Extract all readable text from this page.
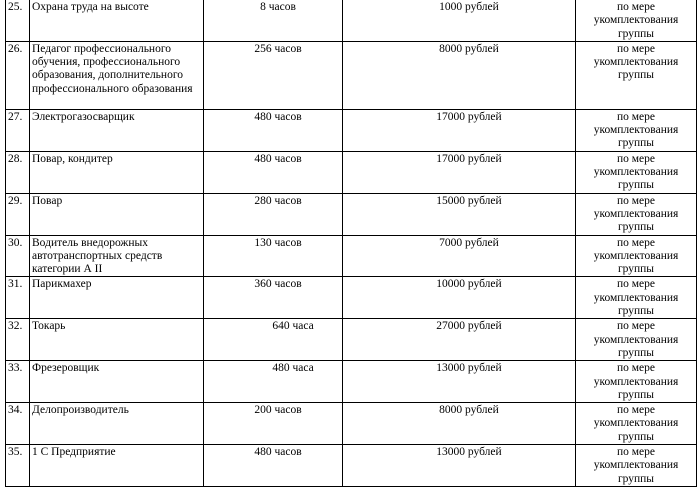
25.	Охрана труда на высоте	8 часов	1000 рублей	по мере укомплектования группы
26.	Педагог профессионального обучения, профессионального образования, дополнительного профессионального образования	256 часов	8000 рублей	по мере укомплектования группы
27.	Электрогазосварщик	480 часов	17000 рублей	по мере укомплектования группы
28.	Повар, кондитер	480 часов	17000 рублей	по мере укомплектования группы
29.	Повар	280 часов	15000 рублей	по мере укомплектования группы
30.	Водитель внедорожных автотранспортных средств категории А II	130 часов	7000 рублей	по мере укомплектования группы
31.	Парикмахер	360 часов	10000 рублей	по мере укомплектования группы
32.	Токарь	640 часа	27000 рублей	по мере укомплектования группы
33.	Фрезеровщик	480 часа	13000 рублей	по мере укомплектования группы
34.	Делопроизводитель	200 часов	8000 рублей	по мере укомплектования группы
35.	1 С Предприятие	480 часов	13000 рублей	по мере укомплектования группы
